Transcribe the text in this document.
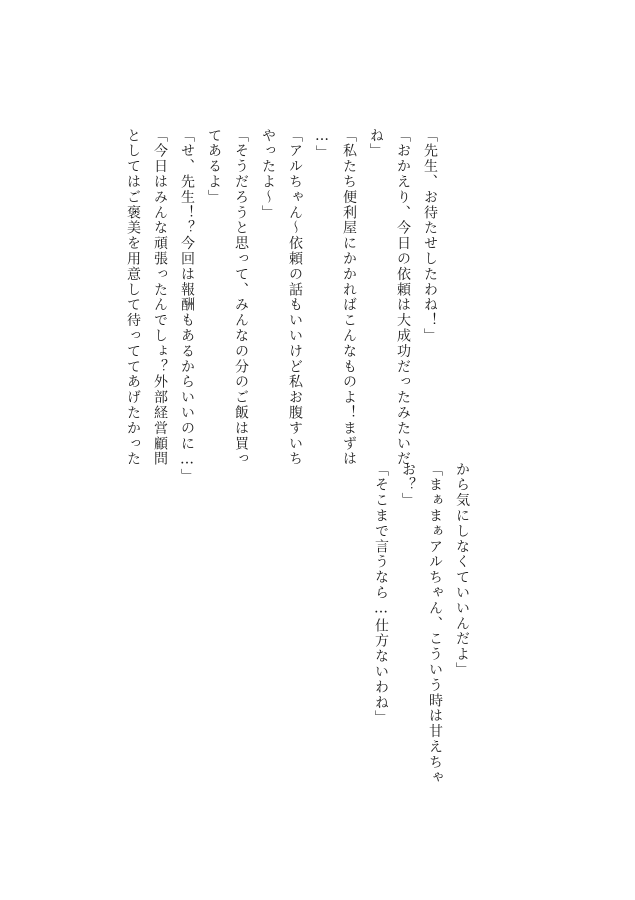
「先生、お待たせしたわね！」
「おかえり、今日の依頼は大成功だったみたいだ
ね」
「私たち便利屋にかかればこんなものよ！まずは
…」
「アルちゃん〜依頼の話もいいけど私お腹すいち
やったよ〜」
「そうだろうと思って、みんなの分のご飯は買っ
てあるよ」
「せ、先生！？今回は報酬もあるからいいのに…」
「今日はみんな頑張ったんでしょ？外部経営顧問
としてはご褒美を用意して待っててあげたかった
から気にしなくていいんだよ」
「まぁまぁアルちゃん、こういう時は甘えちゃ
お？」
「そこまで言うなら…仕方ないわね」
